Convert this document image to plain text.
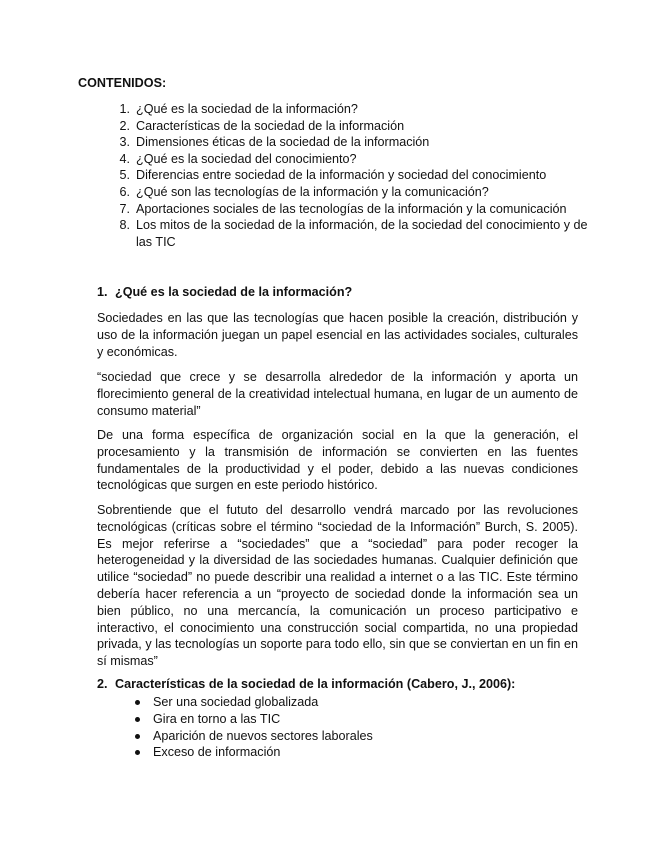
CONTENIDOS:
1. ¿Qué es la sociedad de la información?
2. Características de la sociedad de la información
3. Dimensiones éticas de la sociedad de la información
4. ¿Qué es la sociedad del conocimiento?
5. Diferencias entre sociedad de la información y sociedad del conocimiento
6. ¿Qué son las tecnologías de la información y la comunicación?
7. Aportaciones sociales de las tecnologías de la información y la comunicación
8. Los mitos de la sociedad de la información, de la sociedad del conocimiento y de las TIC
1. ¿Qué es la sociedad de la información?

Sociedades en las que las tecnologías que hacen posible la creación, distribución y uso de la información juegan un papel esencial en las actividades sociales, culturales y económicas.

“sociedad que crece y se desarrolla alrededor de la información y aporta un florecimiento general de la creatividad intelectual humana, en lugar de un aumento de consumo material”

De una forma específica de organización social en la que la generación, el procesamiento y la transmisión de información se convierten en las fuentes fundamentales de la productividad y el poder, debido a las nuevas condiciones tecnológicas que surgen en este periodo histórico.

Sobrentiende que el fututo del desarrollo vendrá marcado por las revoluciones tecnológicas (críticas sobre el término “sociedad de la Información” Burch, S. 2005). Es mejor referirse a “sociedades” que a “sociedad” para poder recoger la heterogeneidad y la diversidad de las sociedades humanas. Cualquier definición que utilice “sociedad” no puede describir una realidad a internet o a las TIC. Este término debería hacer referencia a un “proyecto de sociedad donde la información sea un bien público, no una mercancía, la comunicación un proceso participativo e interactivo, el conocimiento una construcción social compartida, no una propiedad privada, y las tecnologías un soporte para todo ello, sin que se conviertan en un fin en sí mismas”

2. Características de la sociedad de la información (Cabero, J., 2006):
Ser una sociedad globalizada
Gira en torno a las TIC
Aparición de nuevos sectores laborales
Exceso de información
